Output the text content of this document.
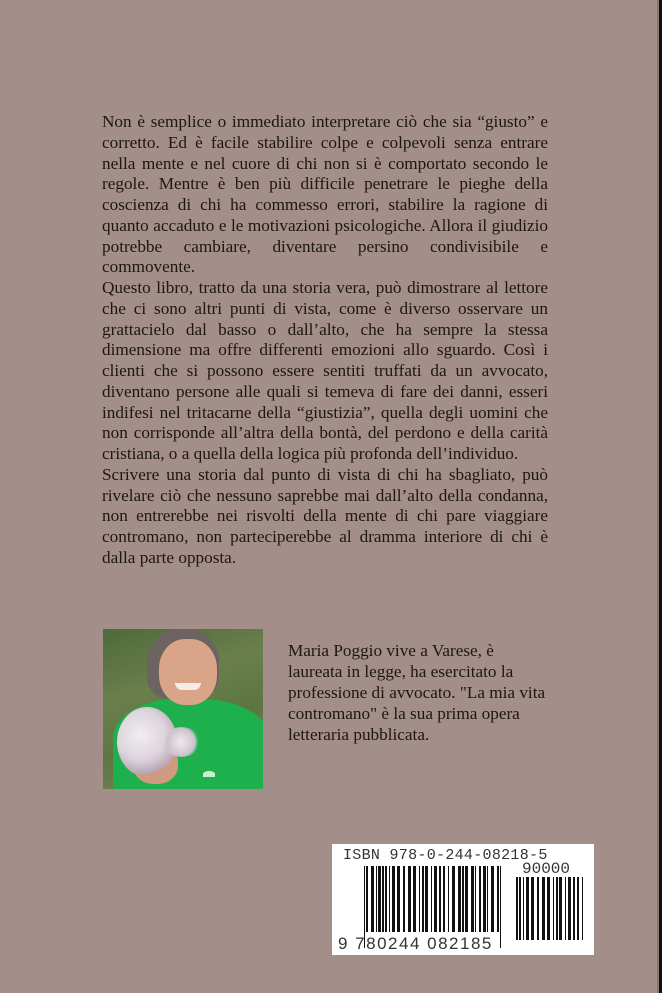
Non è semplice o immediato interpretare ciò che sia “giusto” e corretto. Ed è facile stabilire colpe e colpevoli senza entrare nella mente e nel cuore di chi non si è comportato secondo le regole. Mentre è ben più difficile penetrare le pieghe della coscienza di chi ha commesso errori, stabilire la ragione di quanto accaduto e le motivazioni psicologiche. Allora il giudizio potrebbe cambiare, diventare persino condivisibile e commovente.

Questo libro, tratto da una storia vera, può dimostrare al lettore che ci sono altri punti di vista, come è diverso osservare un grattacielo dal basso o dall’alto, che ha sempre la stessa dimensione ma offre differenti emozioni allo sguardo. Così i clienti che si possono essere sentiti truffati da un avvocato, diventano persone alle quali si temeva di fare dei danni, esseri indifesi nel tritacarne della “giustizia”, quella degli uomini che non corrisponde all’altra della bontà, del perdono e della carità cristiana, o a quella della logica più profonda dell’individuo.

Scrivere una storia dal punto di vista di chi ha sbagliato, può rivelare ciò che nessuno saprebbe mai dall’alto della condanna, non entrerebbe nei risvolti della mente di chi pare viaggiare contromano, non parteciperebbe al dramma interiore di chi è dalla parte opposta.

Maria Poggio vive a Varese, è laureata in legge, ha esercitato la professione di avvocato. "La mia vita contromano" è la sua prima opera letteraria pubblicata.
ISBN 978-0-244-08218-5
90000
9 780244 082185
